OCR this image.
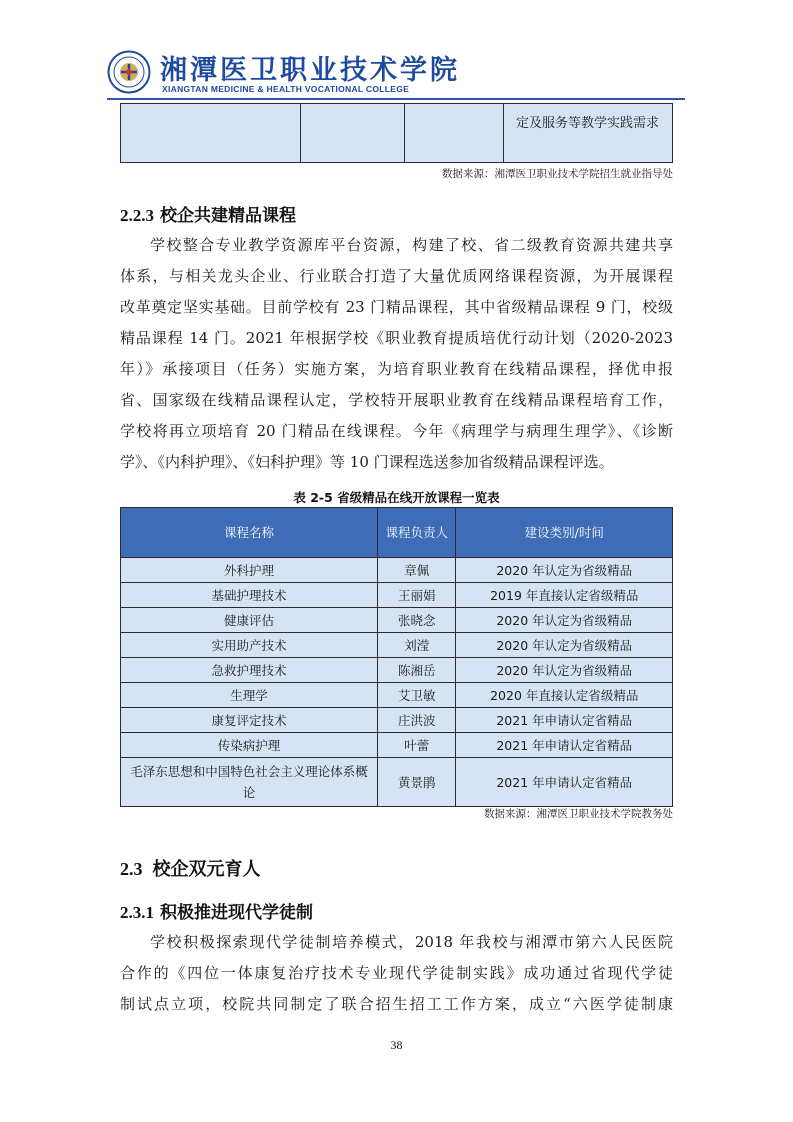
湘潭医卫职业技术学院
XIANGTAN MEDICINE & HEALTH VOCATIONAL COLLEGE
			定及服务等教学实践需求
数据来源：湘潭医卫职业技术学院招生就业指导处
2.2.3 校企共建精品课程
学校整合专业教学资源库平台资源，构建了校、省二级教育资源共建共享
体系，与相关龙头企业、行业联合打造了大量优质网络课程资源，为开展课程
改革奠定坚实基础。目前学校有 23 门精品课程，其中省级精品课程 9 门，校级
精品课程 14 门。2021 年根据学校《职业教育提质培优行动计划（2020-2023
年）》承接项目（任务）实施方案，为培育职业教育在线精品课程，择优申报
省、国家级在线精品课程认定，学校特开展职业教育在线精品课程培育工作，
学校将再立项培育 20 门精品在线课程。今年《病理学与病理生理学》、《诊断
学》、《内科护理》、《妇科护理》等 10 门课程选送参加省级精品课程评选。
表 2-5 省级精品在线开放课程一览表
课程名称	课程负责人	建设类别/时间
外科护理	章佩	2020 年认定为省级精品
基础护理技术	王丽娟	2019 年直接认定省级精品
健康评估	张晓念	2020 年认定为省级精品
实用助产技术	刘滢	2020 年认定为省级精品
急救护理技术	陈湘岳	2020 年认定为省级精品
生理学	艾卫敏	2020 年直接认定省级精品
康复评定技术	庄洪波	2021 年申请认定省精品
传染病护理	叶蕾	2021 年申请认定省精品
毛泽东思想和中国特色社会主义理论体系概论	黄景鹃	2021 年申请认定省精品
数据来源：湘潭医卫职业技术学院教务处
2.3 校企双元育人
2.3.1 积极推进现代学徒制
学校积极探索现代学徒制培养模式，2018 年我校与湘潭市第六人民医院
合作的《四位一体康复治疗技术专业现代学徒制实践》成功通过省现代学徒
制试点立项，校院共同制定了联合招生招工工作方案，成立“六医学徒制康
38
